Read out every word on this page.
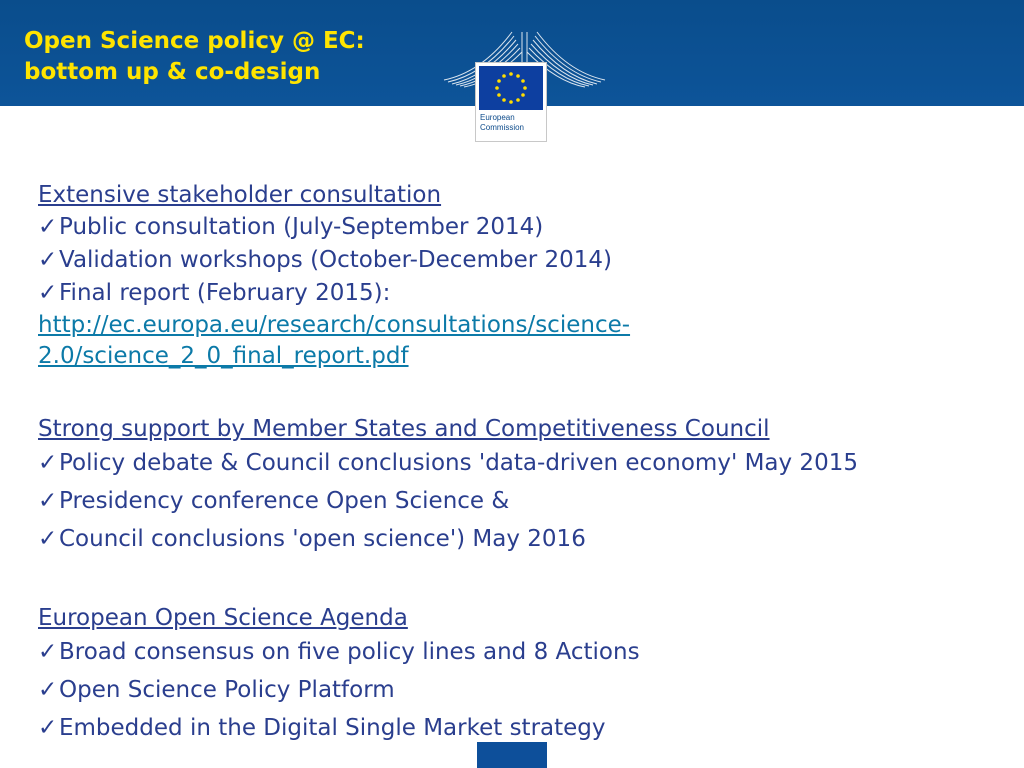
Open Science policy @ EC:
bottom up & co-design
European
Commission
Extensive stakeholder consultation
✓Public consultation (July-September 2014)
✓Validation workshops (October-December 2014)
✓Final report (February 2015):
http://ec.europa.eu/research/consultations/science-
2.0/science_2_0_final_report.pdf
Strong support by Member States and Competitiveness Council
✓Policy debate & Council conclusions 'data-driven economy' May 2015
✓Presidency conference Open Science &
✓Council conclusions 'open science') May 2016
European Open Science Agenda
✓Broad consensus on five policy lines and 8 Actions
✓Open Science Policy Platform
✓Embedded in the Digital Single Market strategy
